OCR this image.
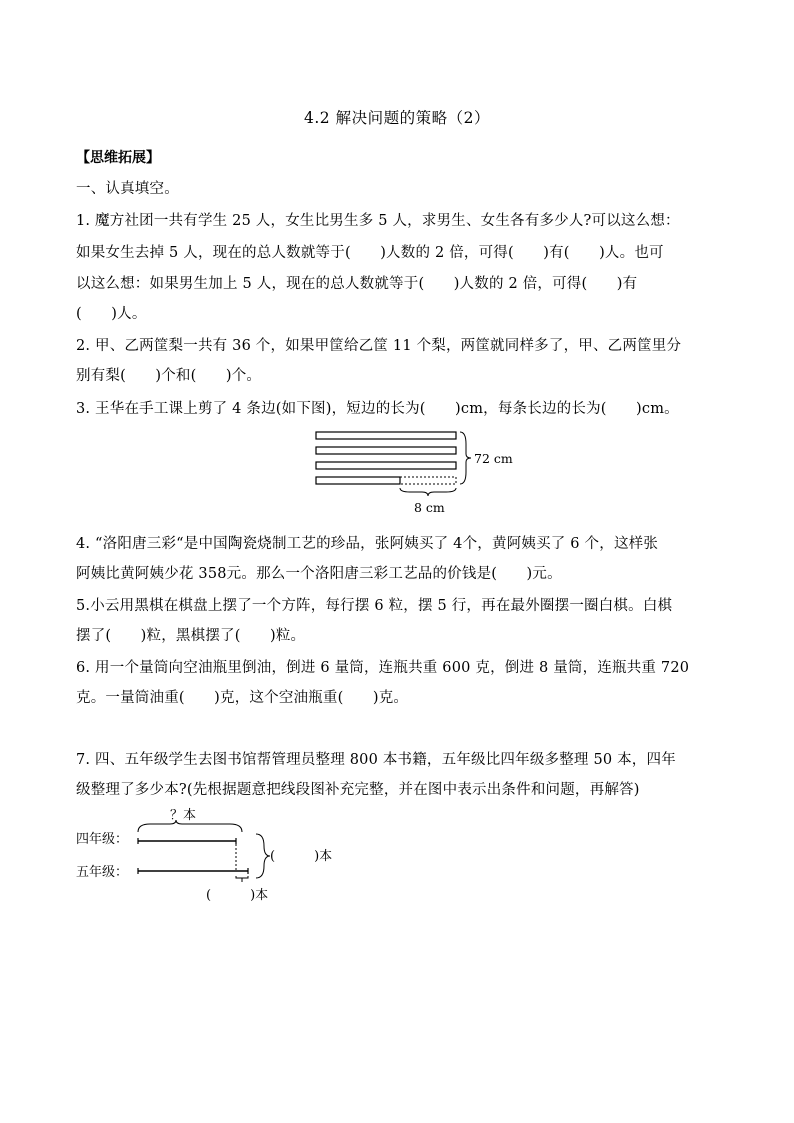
4.2 解决问题的策略（2）
【思维拓展】
一、认真填空。
1. 魔方社团一共有学生 25 人，女生比男生多 5 人，求男生、女生各有多少人?可以这么想：
如果女生去掉 5 人，现在的总人数就等于(　　)人数的 2 倍，可得(　　)有(　　)人。也可
以这么想：如果男生加上 5 人，现在的总人数就等于(　　)人数的 2 倍，可得(　　)有
(　　)人。
2. 甲、乙两筐梨一共有 36 个，如果甲筐给乙筐 11 个梨，两筐就同样多了，甲、乙两筐里分
别有梨(　　)个和(　　)个。
3. 王华在手工课上剪了 4 条边(如下图)，短边的长为(　　)cm，每条长边的长为(　　)cm。
72 cm
8 cm
4. “洛阳唐三彩“是中国陶瓷烧制工艺的珍品，张阿姨买了 4个，黄阿姨买了 6 个，这样张
阿姨比黄阿姨少花 358元。那么一个洛阳唐三彩工艺品的价钱是(　　)元。
5.小云用黑棋在棋盘上摆了一个方阵，每行摆 6 粒，摆 5 行，再在最外圈摆一圈白棋。白棋
摆了(　　)粒，黑棋摆了(　　)粒。
6. 用一个量筒向空油瓶里倒油，倒进 6 量筒，连瓶共重 600 克，倒进 8 量筒，连瓶共重 720
克。一量筒油重(　　)克，这个空油瓶重(　　)克。
7. 四、五年级学生去图书馆帮管理员整理 800 本书籍，五年级比四年级多整理 50 本，四年
级整理了多少本?(先根据题意把线段图补充完整，并在图中表示出条件和问题，再解答)
？本
四年级：
五年级：
(　　　)本
(　　　)本
